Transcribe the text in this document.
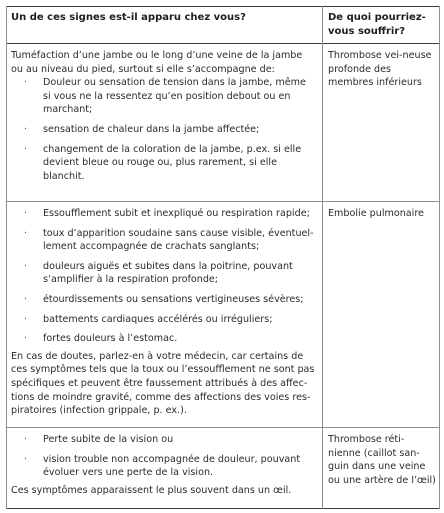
Un de ces signes est-il apparu chez vous?	De quoi pourriez-vous souffrir?

Tuméfaction d’une jambe ou le long d’une veine de la jambe ou au niveau du pied, surtout si elle s’accompagne de:

· Douleur ou sensation de tension dans la jambe, même si vous ne la ressentez qu’en position debout ou en marchant;
· sensation de chaleur dans la jambe affectée;
· changement de la coloration de la jambe, p.ex. si elle devient bleue ou rouge ou, plus rarement, si elle blanchit.
Thrombose vei-neuse profonde des membres inférieurs
· Essoufflement subit et inexpliqué ou respiration rapide;
· toux d’apparition soudaine sans cause visible, éventuel-lement accompagnée de crachats sanglants;
· douleurs aiguës et subites dans la poitrine, pouvant s’amplifier à la respiration profonde;
· étourdissements ou sensations vertigineuses sévères;
· battements cardiaques accélérés ou irréguliers;
· fortes douleurs à l’estomac.

En cas de doutes, parlez-en à votre médecin, car certains de ces symptômes tels que la toux ou l’essoufflement ne sont pas spécifiques et peuvent être faussement attribués à des affec-tions de moindre gravité, comme des affections des voies res-piratoires (infection grippale, p. ex.).

Embolie pulmonaire
· Perte subite de la vision ou
· vision trouble non accompagnée de douleur, pouvant évoluer vers une perte de la vision.

Ces symptômes apparaissent le plus souvent dans un œil.

Thrombose réti-nienne (caillot san-guin dans une veine ou une artère de l’œil)
